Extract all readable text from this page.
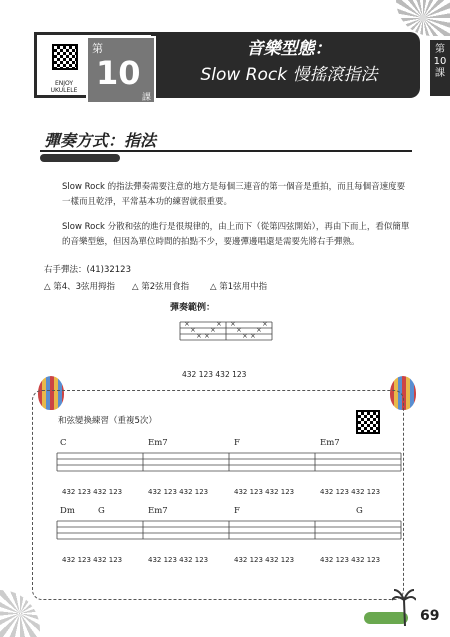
ENJOY UKULELE
第
10
課
音樂型態：
Slow Rock 慢搖滾指法
第10課
彈奏方式：指法
Slow Rock 的指法彈奏需要注意的地方是每個三連音的第一個音是重拍，而且每個音速度要一樣而且乾淨，平常基本功的練習就很重要。
Slow Rock 分散和弦的進行是很規律的，由上而下（從第四弦開始），再由下而上，看似簡單的音樂型態，但因為單位時間的拍點不少，要邊彈邊唱還是需要先將右手彈熟。
右手彈法：(41)32123
△ 第4、3弦用拇指 △ 第2弦用食指 △ 第1弦用中指
彈奏範例：
×
×
× ×
×
× ×
×
× ×
×
×
432 123 432 123
和弦變換練習（重複5次）
C	Em7	F	Em7
432 123 432 123	432 123 432 123	432 123 432 123	432 123 432 123
Dm	G	Em7	F	G
432 123 432 123	432 123 432 123	432 123 432 123	432 123 432 123
69
